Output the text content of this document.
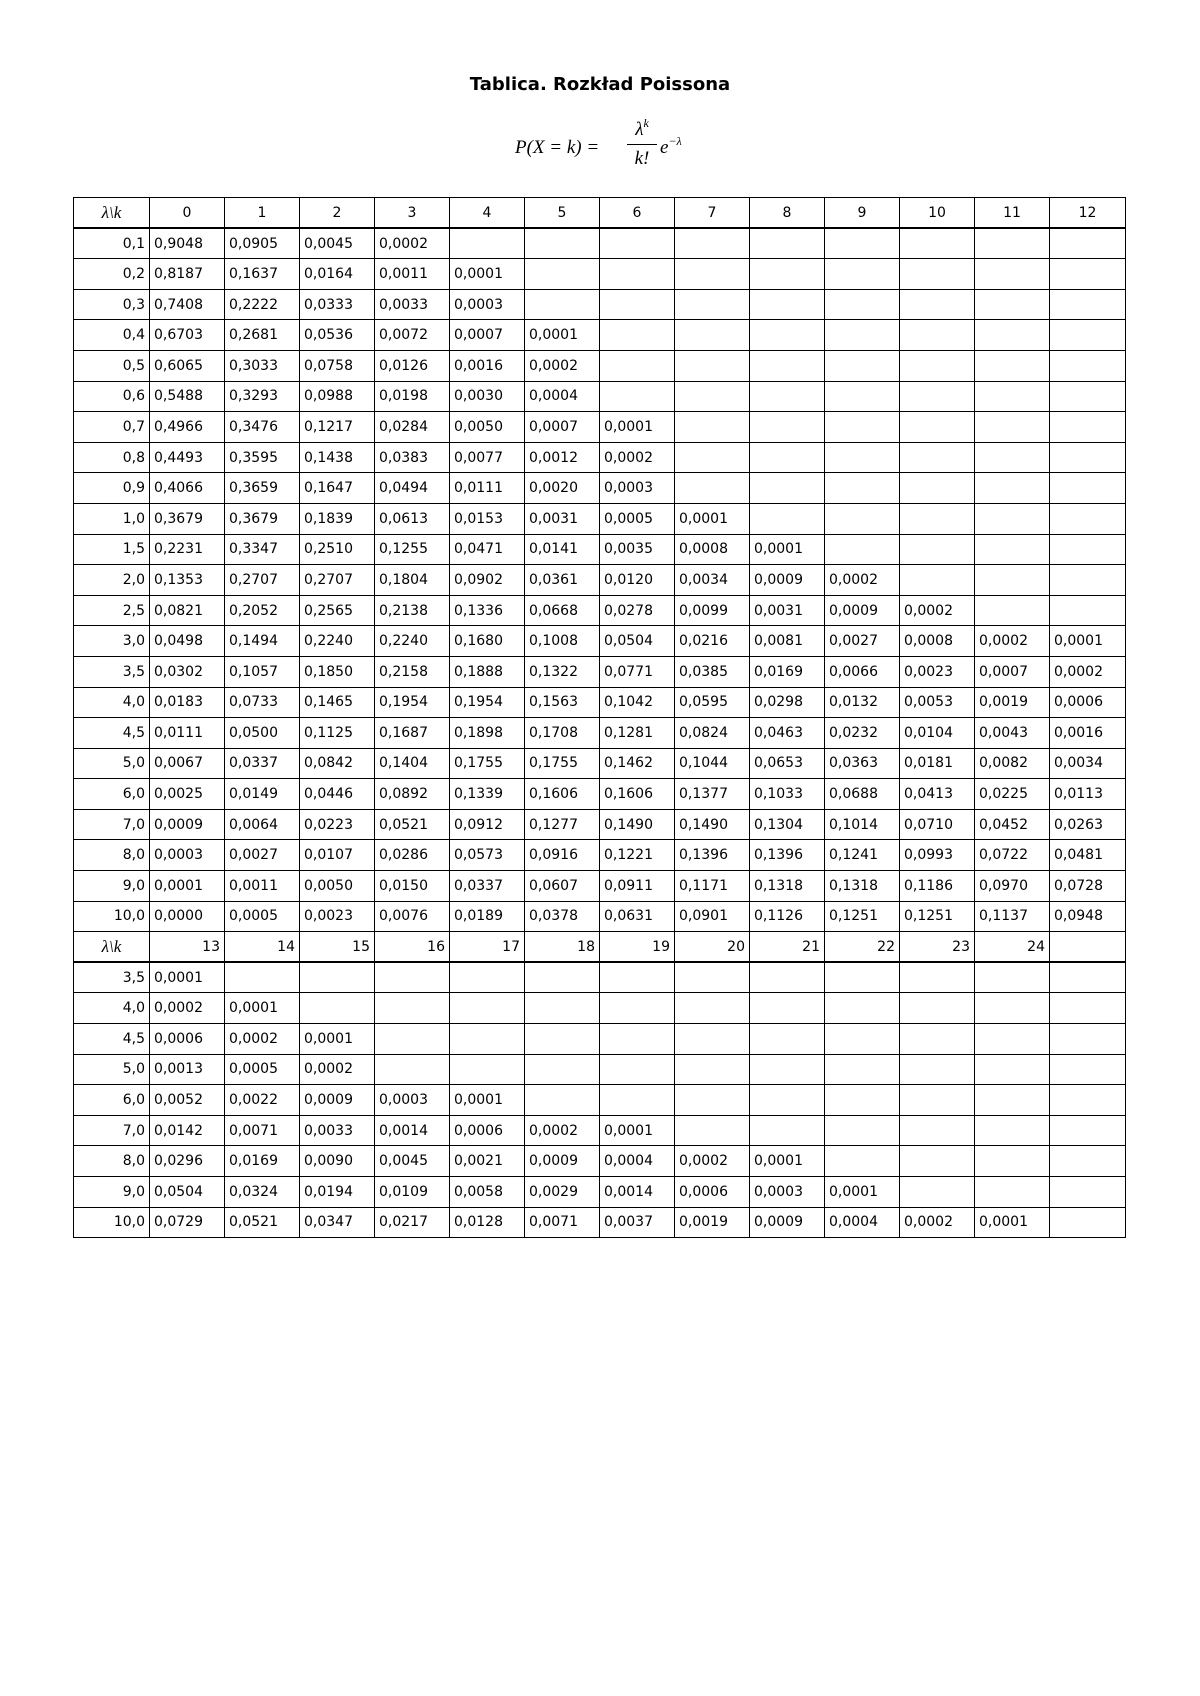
Tablica. Rozkład Poissona
P(X = k) =
$\lambda^k$
k!
$e^{-\lambda}$
λ\k	0	1	2	3	4	5	6	7	8	9	10	11	12
0,1	0,9048	0,0905	0,0045	0,0002									
0,2	0,8187	0,1637	0,0164	0,0011	0,0001								
0,3	0,7408	0,2222	0,0333	0,0033	0,0003								
0,4	0,6703	0,2681	0,0536	0,0072	0,0007	0,0001							
0,5	0,6065	0,3033	0,0758	0,0126	0,0016	0,0002							
0,6	0,5488	0,3293	0,0988	0,0198	0,0030	0,0004							
0,7	0,4966	0,3476	0,1217	0,0284	0,0050	0,0007	0,0001						
0,8	0,4493	0,3595	0,1438	0,0383	0,0077	0,0012	0,0002						
0,9	0,4066	0,3659	0,1647	0,0494	0,0111	0,0020	0,0003						
1,0	0,3679	0,3679	0,1839	0,0613	0,0153	0,0031	0,0005	0,0001					
1,5	0,2231	0,3347	0,2510	0,1255	0,0471	0,0141	0,0035	0,0008	0,0001				
2,0	0,1353	0,2707	0,2707	0,1804	0,0902	0,0361	0,0120	0,0034	0,0009	0,0002			
2,5	0,0821	0,2052	0,2565	0,2138	0,1336	0,0668	0,0278	0,0099	0,0031	0,0009	0,0002		
3,0	0,0498	0,1494	0,2240	0,2240	0,1680	0,1008	0,0504	0,0216	0,0081	0,0027	0,0008	0,0002	0,0001
3,5	0,0302	0,1057	0,1850	0,2158	0,1888	0,1322	0,0771	0,0385	0,0169	0,0066	0,0023	0,0007	0,0002
4,0	0,0183	0,0733	0,1465	0,1954	0,1954	0,1563	0,1042	0,0595	0,0298	0,0132	0,0053	0,0019	0,0006
4,5	0,0111	0,0500	0,1125	0,1687	0,1898	0,1708	0,1281	0,0824	0,0463	0,0232	0,0104	0,0043	0,0016
5,0	0,0067	0,0337	0,0842	0,1404	0,1755	0,1755	0,1462	0,1044	0,0653	0,0363	0,0181	0,0082	0,0034
6,0	0,0025	0,0149	0,0446	0,0892	0,1339	0,1606	0,1606	0,1377	0,1033	0,0688	0,0413	0,0225	0,0113
7,0	0,0009	0,0064	0,0223	0,0521	0,0912	0,1277	0,1490	0,1490	0,1304	0,1014	0,0710	0,0452	0,0263
8,0	0,0003	0,0027	0,0107	0,0286	0,0573	0,0916	0,1221	0,1396	0,1396	0,1241	0,0993	0,0722	0,0481
9,0	0,0001	0,0011	0,0050	0,0150	0,0337	0,0607	0,0911	0,1171	0,1318	0,1318	0,1186	0,0970	0,0728
10,0	0,0000	0,0005	0,0023	0,0076	0,0189	0,0378	0,0631	0,0901	0,1126	0,1251	0,1251	0,1137	0,0948
λ\k	13	14	15	16	17	18	19	20	21	22	23	24	
3,5	0,0001												
4,0	0,0002	0,0001											
4,5	0,0006	0,0002	0,0001										
5,0	0,0013	0,0005	0,0002										
6,0	0,0052	0,0022	0,0009	0,0003	0,0001								
7,0	0,0142	0,0071	0,0033	0,0014	0,0006	0,0002	0,0001						
8,0	0,0296	0,0169	0,0090	0,0045	0,0021	0,0009	0,0004	0,0002	0,0001				
9,0	0,0504	0,0324	0,0194	0,0109	0,0058	0,0029	0,0014	0,0006	0,0003	0,0001			
10,0	0,0729	0,0521	0,0347	0,0217	0,0128	0,0071	0,0037	0,0019	0,0009	0,0004	0,0002	0,0001	
